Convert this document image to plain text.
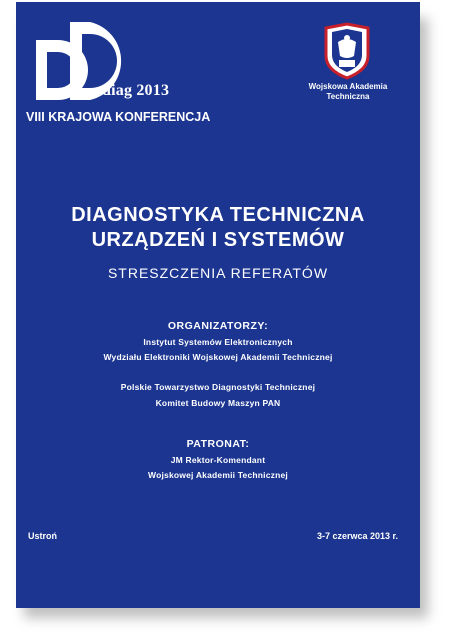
diag 2013
VIII KRAJOWA KONFERENCJA
Wojskowa Akademia
Techniczna
DIAGNOSTYKA TECHNICZNA
URZĄDZEŃ I SYSTEMÓW
STRESZCZENIA REFERATÓW
ORGANIZATORZY:
Instytut Systemów Elektronicznych
Wydziału Elektroniki Wojskowej Akademii Technicznej
Polskie Towarzystwo Diagnostyki Technicznej
Komitet Budowy Maszyn PAN
PATRONAT:
JM Rektor-Komendant
Wojskowej Akademii Technicznej
Ustroń	3-7 czerwca 2013 r.
